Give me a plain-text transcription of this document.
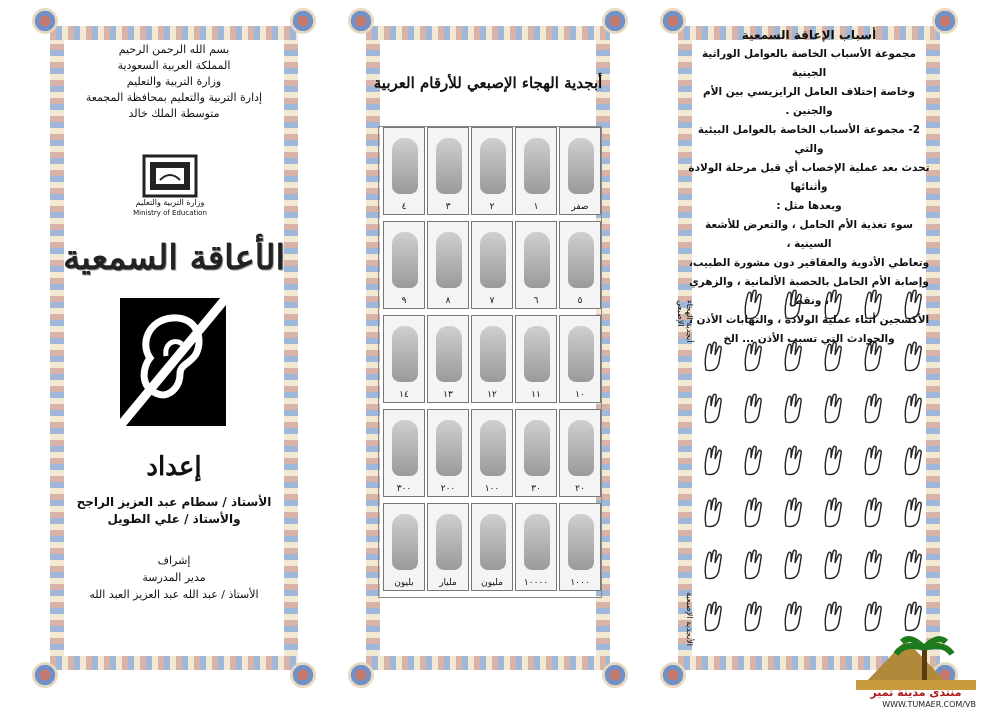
بسم الله الرحمن الرحيم
المملكة العربية السعودية
وزارة التربية والتعليم
إدارة التربية والتعليم بمحافظة المجمعة
متوسطة الملك خالد
وزارة التربية والتعليم
Ministry of Education
الأعاقة السمعية
إعداد
الأستاذ / سطام عبد العزيز الراجح
والأستاذ / علي الطويل
إشراف
مدير المدرسة
الأستاذ / عبد الله عبد العزيز العبد الله
أبجدية الهجاء الإصبعي للأرقام العربية
صفر
١
٢
٣
٤
٥
٦
٧
٨
٩
١٠
١١
١٢
١٣
١٤
٢٠
٣٠
١٠٠
٢٠٠
٣٠٠
١٠٠٠
١٠٠٠٠
مليون
مليار
بليون
أسباب الإعاقة السمعية
مجموعة الأسباب الخاصة بالعوامل الوراثية الجينية
وخاصة إختلاف العامل الرايزيسي بين الأم والجنين .
2- مجموعة الأسباب الخاصة بالعوامل البيئية والتي
تحدث بعد عملية الإخصاب أي قبل مرحلة الولادة وأثنائها
وبعدها مثل :
سوء تغذية الأم الحامل ، والتعرض للأشعة السينية ،
وتعاطي الأدوية والعقاقير دون مشورة الطبيب،
وإصابة الأم الحامل بالحصبة الألمانية ، والزهري ، ونقص
الأكسجين أثناء عملية الولادة ، والتهابات الأذن ،
والحوادث التي تسبب الأذن ... الخ
أبجدية الهجاء الإصبعي
الأبجدية الإصبعية
منتدى مدينة تمير
WWW.TUMAER.COM/VB
